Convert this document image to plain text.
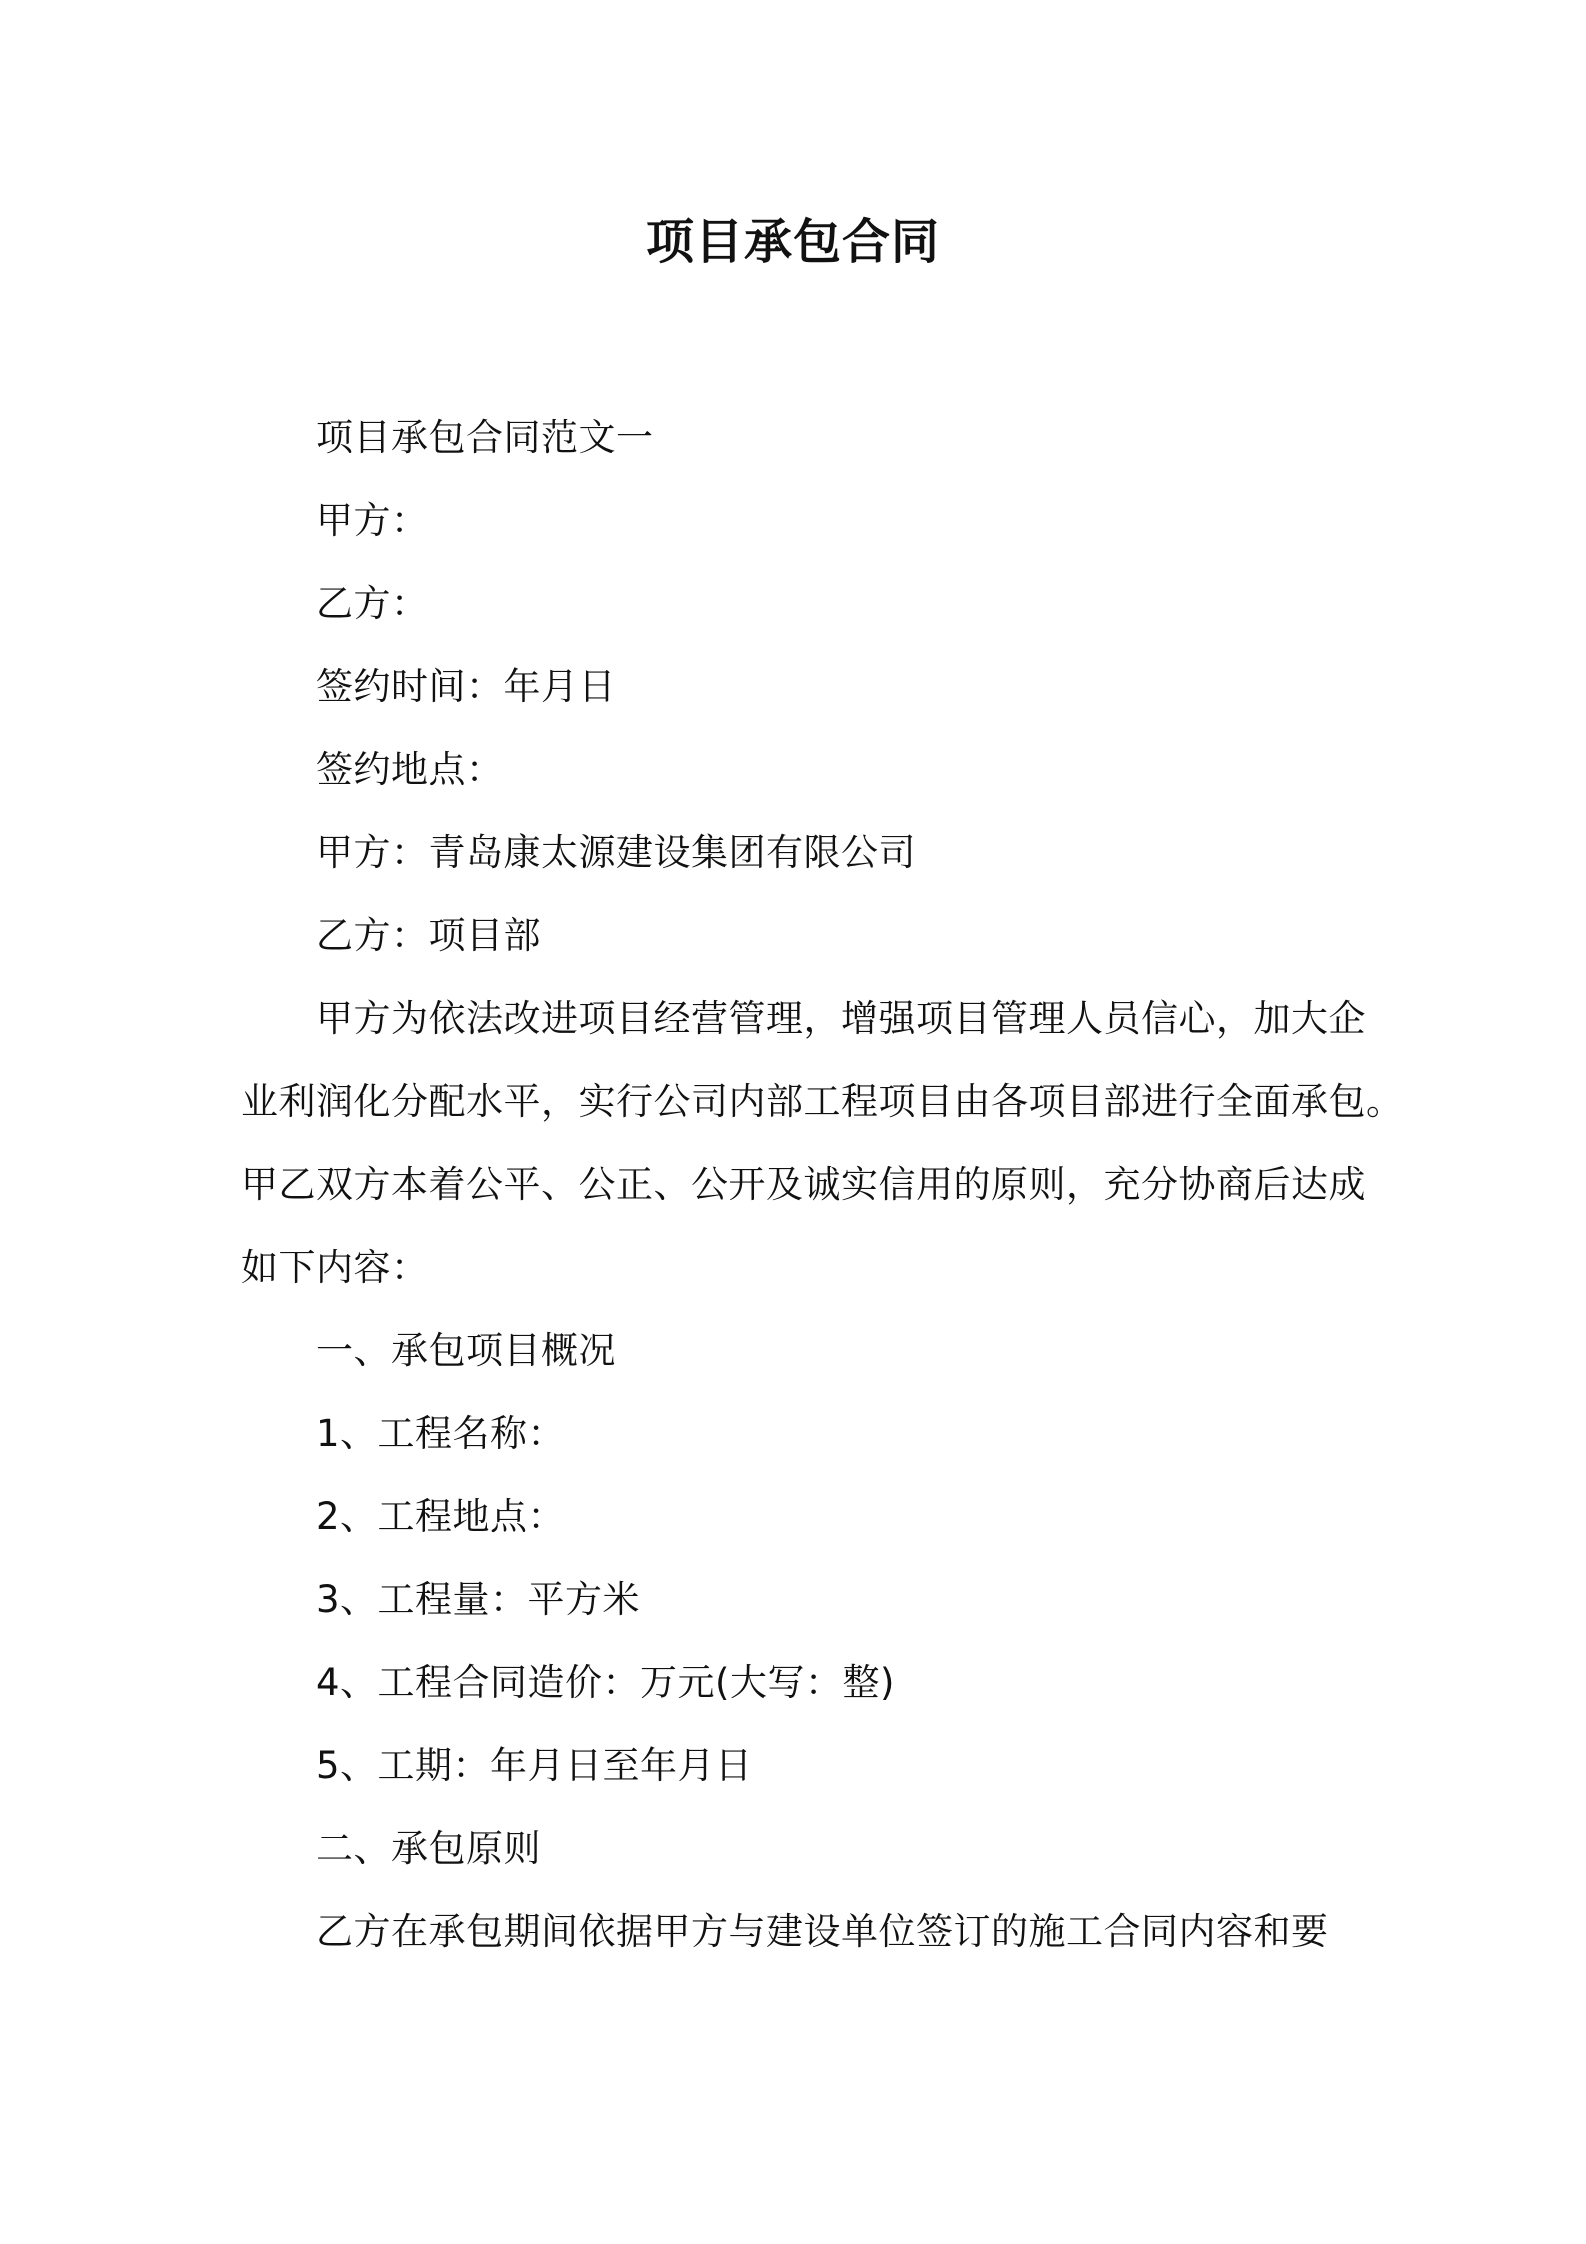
项目承包合同
项目承包合同范文一
甲方：
乙方：
签约时间：年月日
签约地点：
甲方：青岛康太源建设集团有限公司
乙方：项目部
甲方为依法改进项目经营管理，增强项目管理人员信心，加大企
业利润化分配水平，实行公司内部工程项目由各项目部进行全面承包。
甲乙双方本着公平、公正、公开及诚实信用的原则，充分协商后达成
如下内容：
一、承包项目概况
1、工程名称：
2、工程地点：
3、工程量：平方米
4、工程合同造价：万元(大写：整)
5、工期：年月日至年月日
二、承包原则
乙方在承包期间依据甲方与建设单位签订的施工合同内容和要
